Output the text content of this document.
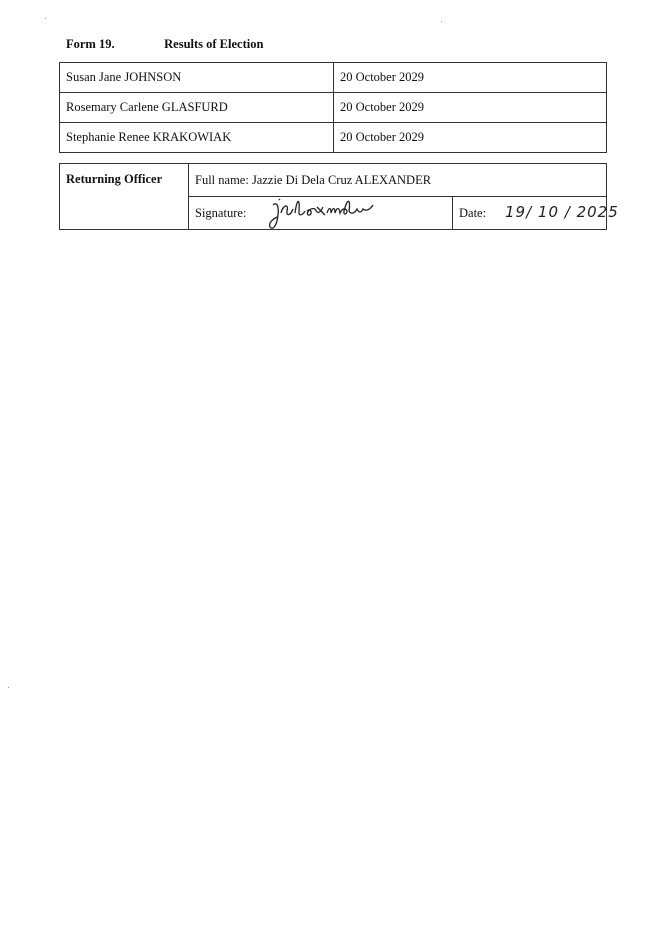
Form 19.	Results of Election
Susan Jane JOHNSON	20 October 2029
Rosemary Carlene GLASFURD	20 October 2029
Stephanie Renee KRAKOWIAK	20 October 2029
Returning Officer	Full name: Jazzie Di Dela Cruz ALEXANDER	
	Signature:	Date: 19/ 10 / 2025
